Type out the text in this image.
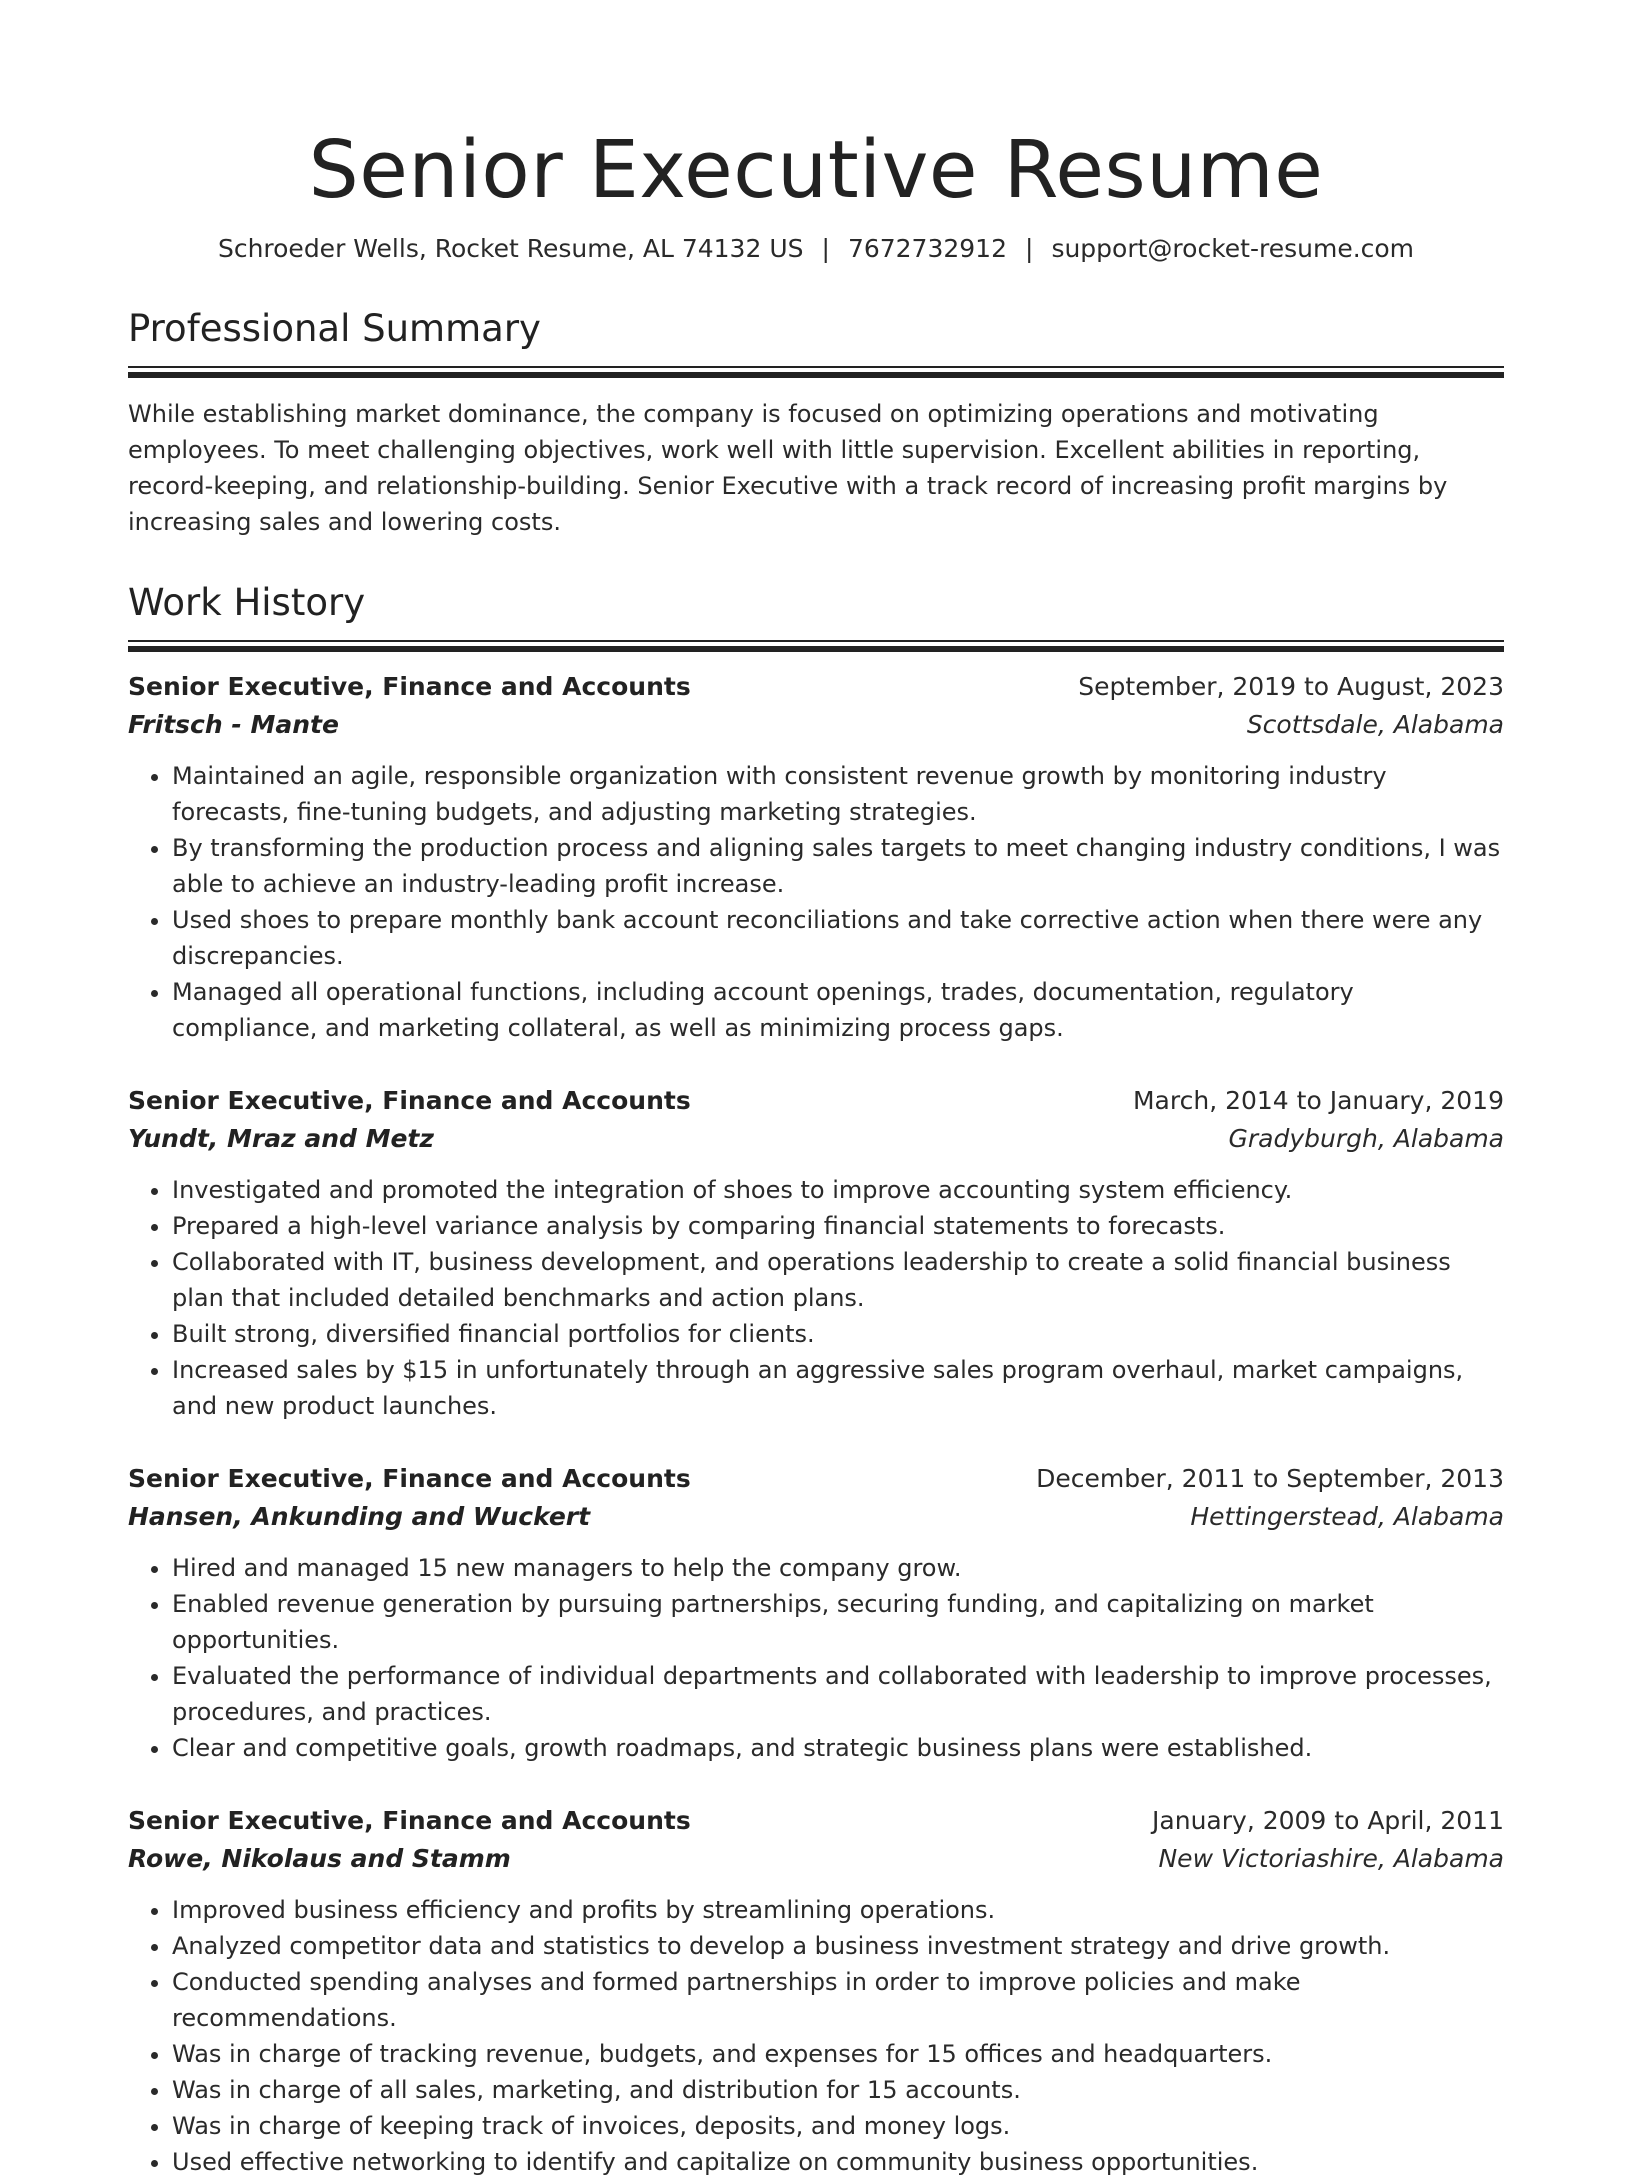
Senior Executive Resume
Schroeder Wells, Rocket Resume, AL 74132 US | 7672732912 | support@rocket-resume.com
Professional Summary

While establishing market dominance, the company is focused on optimizing operations and motivating employees. To meet challenging objectives, work well with little supervision. Excellent abilities in reporting, record-keeping, and relationship-building. Senior Executive with a track record of increasing profit margins by increasing sales and lowering costs.

Work History
Senior Executive, Finance and Accounts	September, 2019 to August, 2023
Fritsch - Mante	Scottsdale, Alabama
• Maintained an agile, responsible organization with consistent revenue growth by monitoring industry forecasts, fine-tuning budgets, and adjusting marketing strategies.
• By transforming the production process and aligning sales targets to meet changing industry conditions, I was able to achieve an industry-leading profit increase.
• Used shoes to prepare monthly bank account reconciliations and take corrective action when there were any discrepancies.
• Managed all operational functions, including account openings, trades, documentation, regulatory compliance, and marketing collateral, as well as minimizing process gaps.
Senior Executive, Finance and Accounts	March, 2014 to January, 2019
Yundt, Mraz and Metz	Gradyburgh, Alabama
• Investigated and promoted the integration of shoes to improve accounting system efficiency.
• Prepared a high-level variance analysis by comparing financial statements to forecasts.
• Collaborated with IT, business development, and operations leadership to create a solid financial business plan that included detailed benchmarks and action plans.
• Built strong, diversified financial portfolios for clients.
• Increased sales by $15 in unfortunately through an aggressive sales program overhaul, market campaigns, and new product launches.
Senior Executive, Finance and Accounts	December, 2011 to September, 2013
Hansen, Ankunding and Wuckert	Hettingerstead, Alabama
• Hired and managed 15 new managers to help the company grow.
• Enabled revenue generation by pursuing partnerships, securing funding, and capitalizing on market opportunities.
• Evaluated the performance of individual departments and collaborated with leadership to improve processes, procedures, and practices.
• Clear and competitive goals, growth roadmaps, and strategic business plans were established.
Senior Executive, Finance and Accounts	January, 2009 to April, 2011
Rowe, Nikolaus and Stamm	New Victoriashire, Alabama
• Improved business efficiency and profits by streamlining operations.
• Analyzed competitor data and statistics to develop a business investment strategy and drive growth.
• Conducted spending analyses and formed partnerships in order to improve policies and make recommendations.
• Was in charge of tracking revenue, budgets, and expenses for 15 offices and headquarters.
• Was in charge of all sales, marketing, and distribution for 15 accounts.
• Was in charge of keeping track of invoices, deposits, and money logs.
• Used effective networking to identify and capitalize on community business opportunities.
